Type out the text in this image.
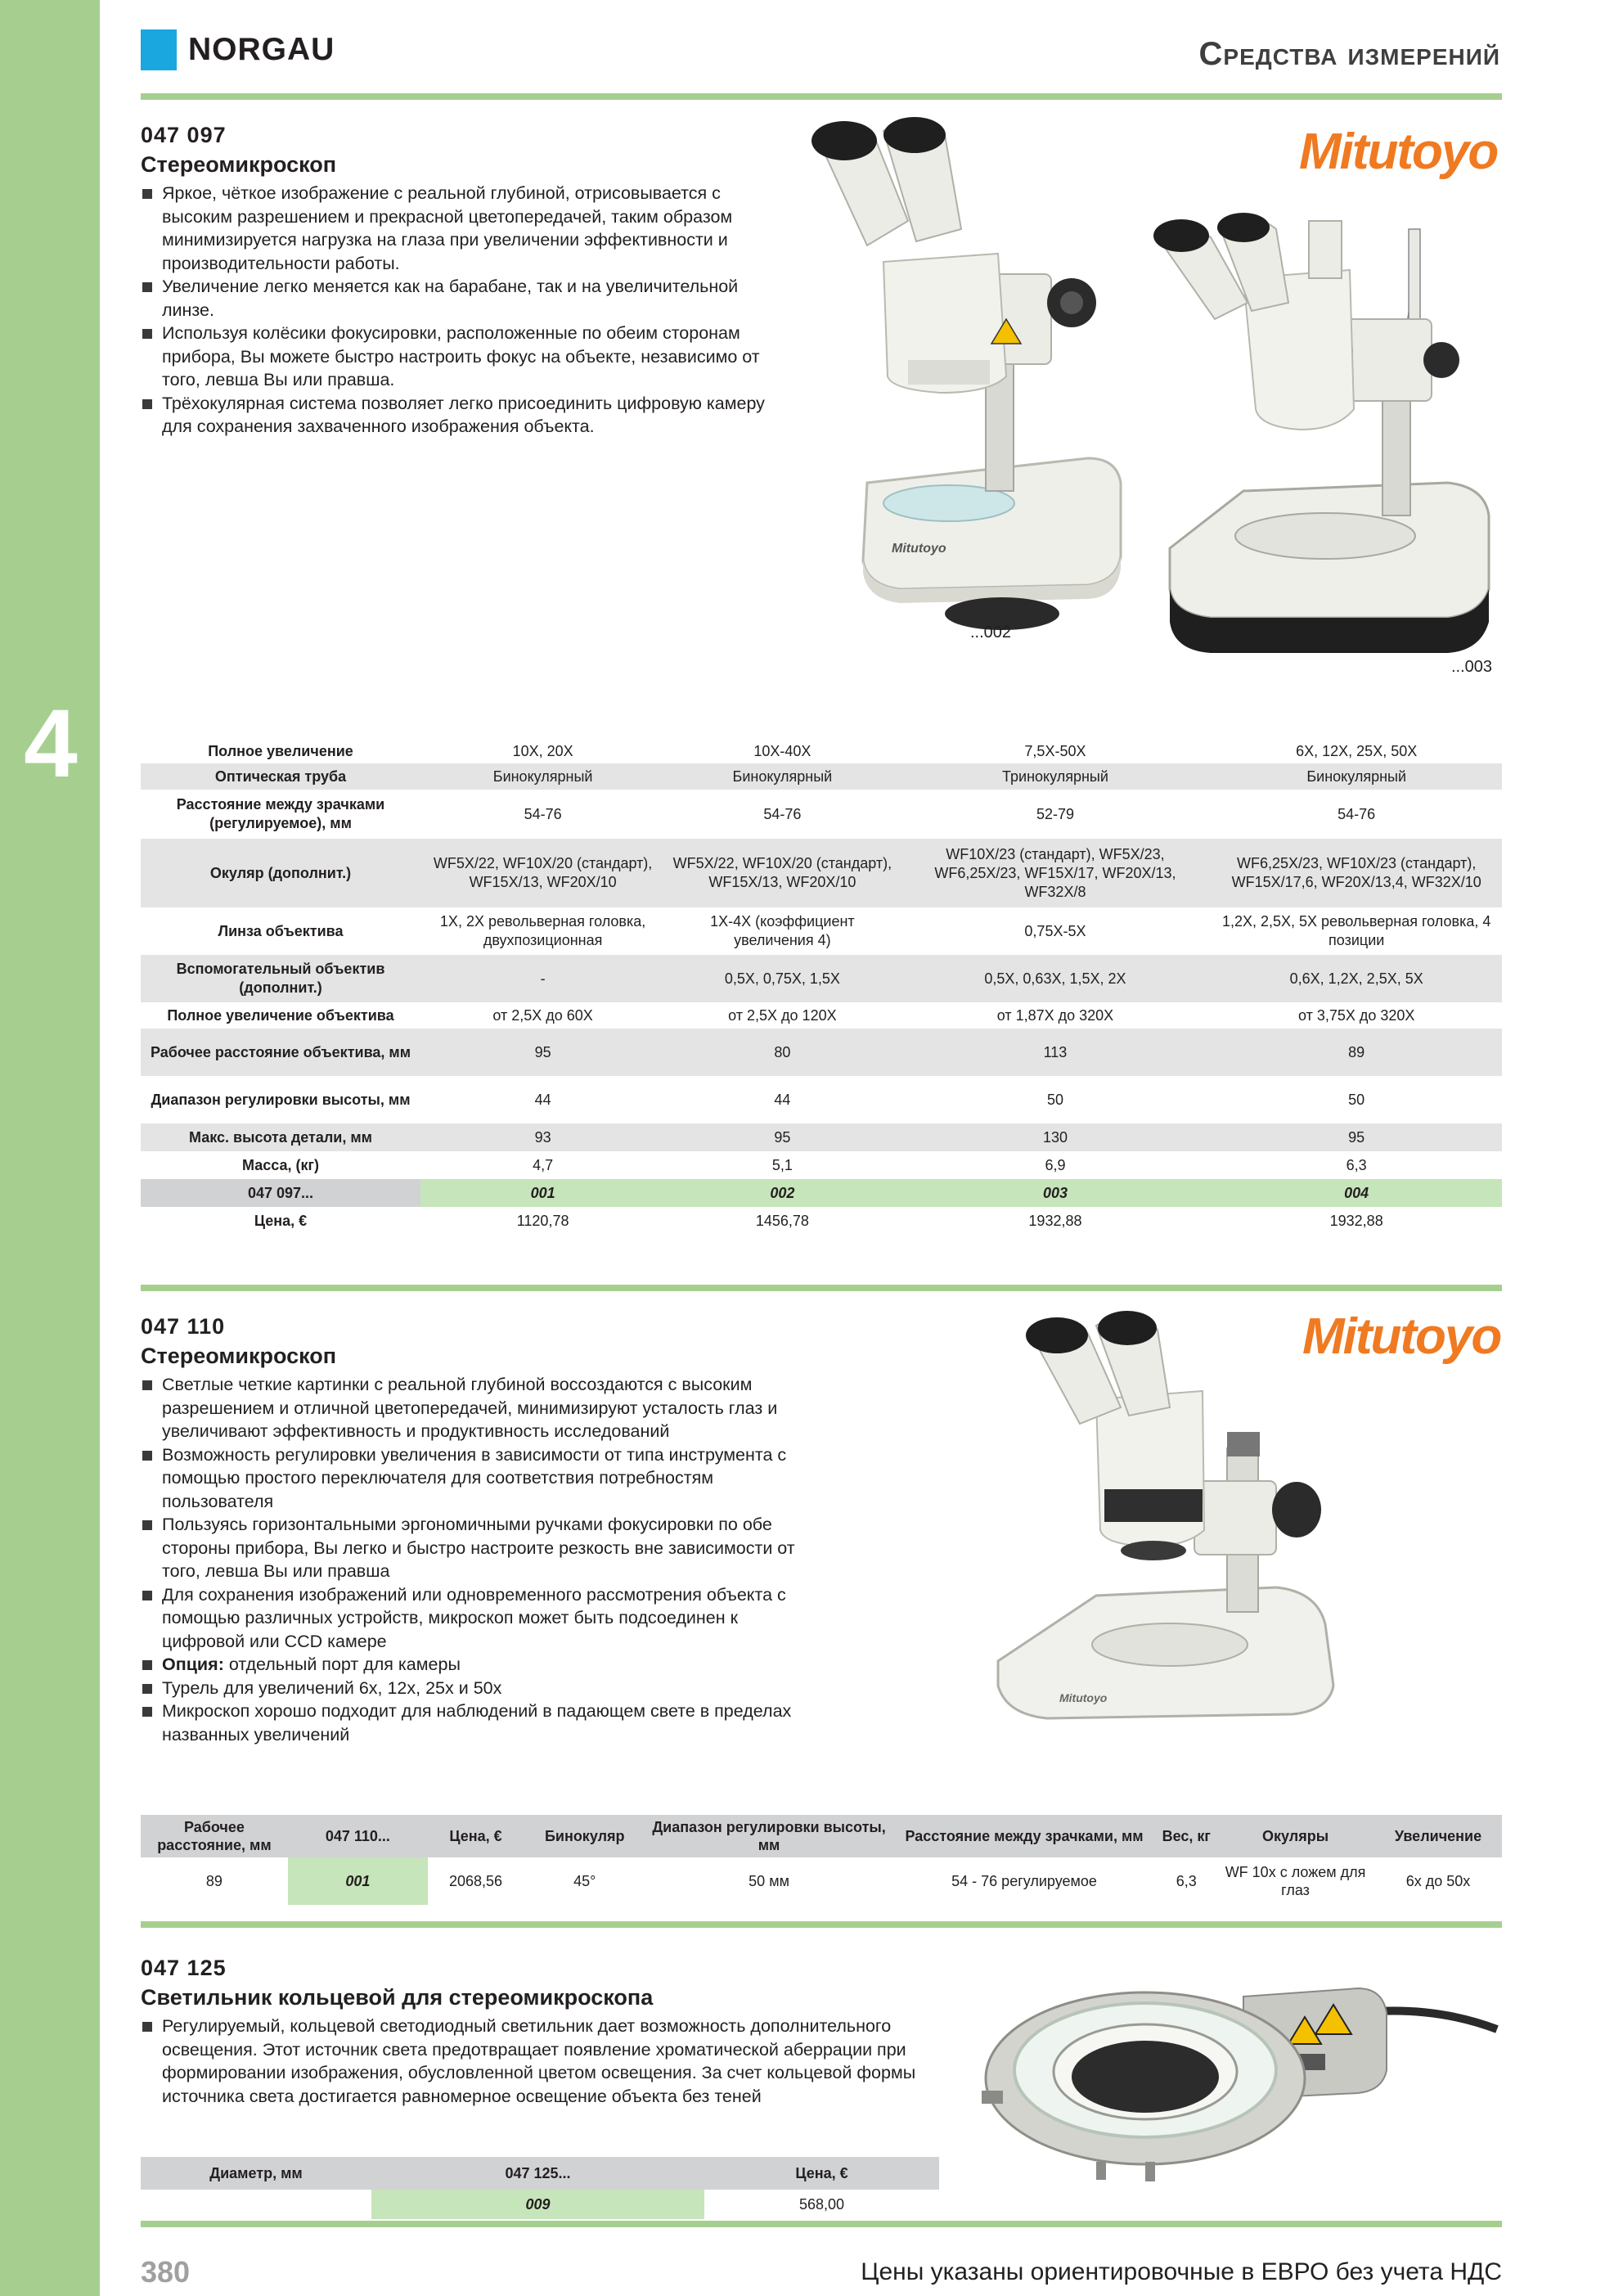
4
NORGAU	Средства измерений
047 097
Стереомикроскоп
Яркое, чёткое изображение с реальной глубиной, отрисовывается с высоким разрешением и прекрасной цветопередачей, таким образом минимизируется нагрузка на глаза при увеличении эффективности и производительности работы.
Увеличение легко меняется как на барабане, так и на увеличительной линзе.
Используя колёсики фокусировки, расположенные по обеим сторонам прибора, Вы можете быстро настроить фокус на объекте, независимо от того, левша Вы или правша.
Трёхокулярная система позволяет легко присоединить цифровую камеру для сохранения захваченного изображения объекта.
Mitutoyo
Mitutoyo
...002
...003
Полное увеличение	10X, 20X	10X-40X	7,5X-50X	6X, 12X, 25X, 50X
Оптическая труба	Бинокулярный	Бинокулярный	Тринокулярный	Бинокулярный
Расстояние между зрачками (регулируемое), мм	54-76	54-76	52-79	54-76
Окуляр (дополнит.)	WF5X/22, WF10X/20 (стандарт), WF15X/13, WF20X/10	WF5X/22, WF10X/20 (стандарт), WF15X/13, WF20X/10	WF10X/23 (стандарт), WF5X/23, WF6,25X/23, WF15X/17, WF20X/13, WF32X/8	WF6,25X/23, WF10X/23 (стандарт), WF15X/17,6, WF20X/13,4, WF32X/10
Линза объектива	1X, 2X револьверная головка, двухпозиционная	1X-4X (коэффициент увеличения 4)	0,75X-5X	1,2X, 2,5X, 5X револьверная головка, 4 позиции
Вспомогательный объектив (дополнит.)	-	0,5X, 0,75X, 1,5X	0,5X, 0,63X, 1,5X, 2X	0,6X, 1,2X, 2,5X, 5X
Полное увеличение объектива	от 2,5X до 60X	от 2,5X до 120X	от 1,87X до 320X	от 3,75X до 320X
Рабочее расстояние объектива, мм	95	80	113	89
Диапазон регулировки высоты, мм	44	44	50	50
Макс. высота детали, мм	93	95	130	95
Масса, (кг)	4,7	5,1	6,9	6,3
047 097...	001	002	003	004
Цена, €	1120,78	1456,78	1932,88	1932,88
047 110
Стереомикроскоп
Светлые четкие картинки с реальной глубиной воссоздаются с высоким разрешением и отличной цветопередачей, минимизируют усталость глаз и увеличивают эффективность и продуктивность исследований
Возможность регулировки увеличения в зависимости от типа инструмента с помощью простого переключателя для соответствия потребностям пользователя
Пользуясь горизонтальными эргономичными ручками фокусировки по обе стороны прибора, Вы легко и быстро настроите резкость вне зависимости от того, левша Вы или правша
Для сохранения изображений или одновременного рассмотрения объекта с помощью различных устройств, микроскоп может быть подсоединен к цифровой или CCD камере
Опция: отдельный порт для камеры
Турель для увеличений 6x, 12x, 25x и 50x
Микроскоп хорошо подходит для наблюдений в падающем свете в пределах названных увеличений
Mitutoyo
Mitutoyo
Рабочее расстояние, мм	047 110...	Цена, €	Бинокуляр	Диапазон регулировки высоты, мм	Расстояние между зрачками, мм	Вес, кг	Окуляры	Увеличение
89	001	2068,56	45°	50 мм	54 - 76 регулируемое	6,3	WF 10x с ложем для глаз	6x до 50x
047 125
Светильник кольцевой для стереомикроскопа
Регулируемый, кольцевой светодиодный светильник дает возможность дополнительного освещения. Этот источник света предотвращает появление хроматической аберрации при формировании изображения, обусловленной цветом освещения. За счет кольцевой формы источника света достигается равномерное освещение объекта без теней
Диаметр, мм	047 125...	Цена, €
	009	568,00
380	Цены указаны ориентировочные в ЕВРО без учета НДС
